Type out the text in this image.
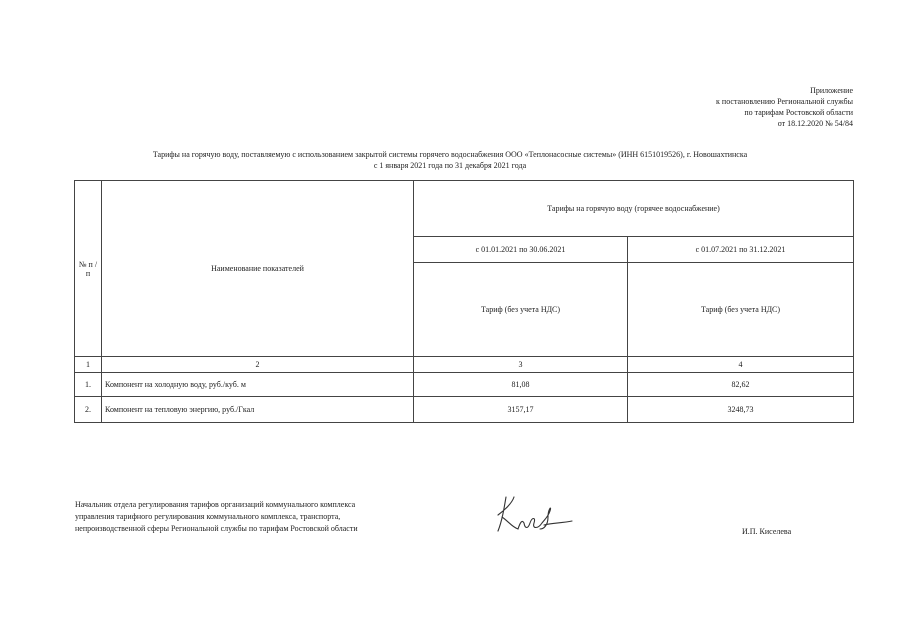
Приложение
к постановлению Региональной службы
по тарифам Ростовской области
от 18.12.2020 № 54/84
Тарифы на горячую воду, поставляемую с использованием закрытой системы горячего водоснабжения ООО «Теплонасосные системы» (ИНН 6151019526), г. Новошахтинска
с 1 января 2021 года по 31 декабря 2021 года
№ п /п	Наименование показателей	Тарифы на горячую воду (горячее водоснабжение)	
		с 01.01.2021 по 30.06.2021	с 01.07.2021 по 31.12.2021
		Тариф (без учета НДС)	Тариф (без учета НДС)
1	2	3	4
1.	Компонент на холодную воду, руб./куб. м	81,08	82,62
2.	Компонент на тепловую энергию, руб./Гкал	3157,17	3248,73
Начальник отдела регулирования тарифов организаций коммунального комплекса
управления тарифного регулирования коммунального комплекса, транспорта,
непроизводственной сферы Региональной службы по тарифам Ростовской области	И.П. Киселева
